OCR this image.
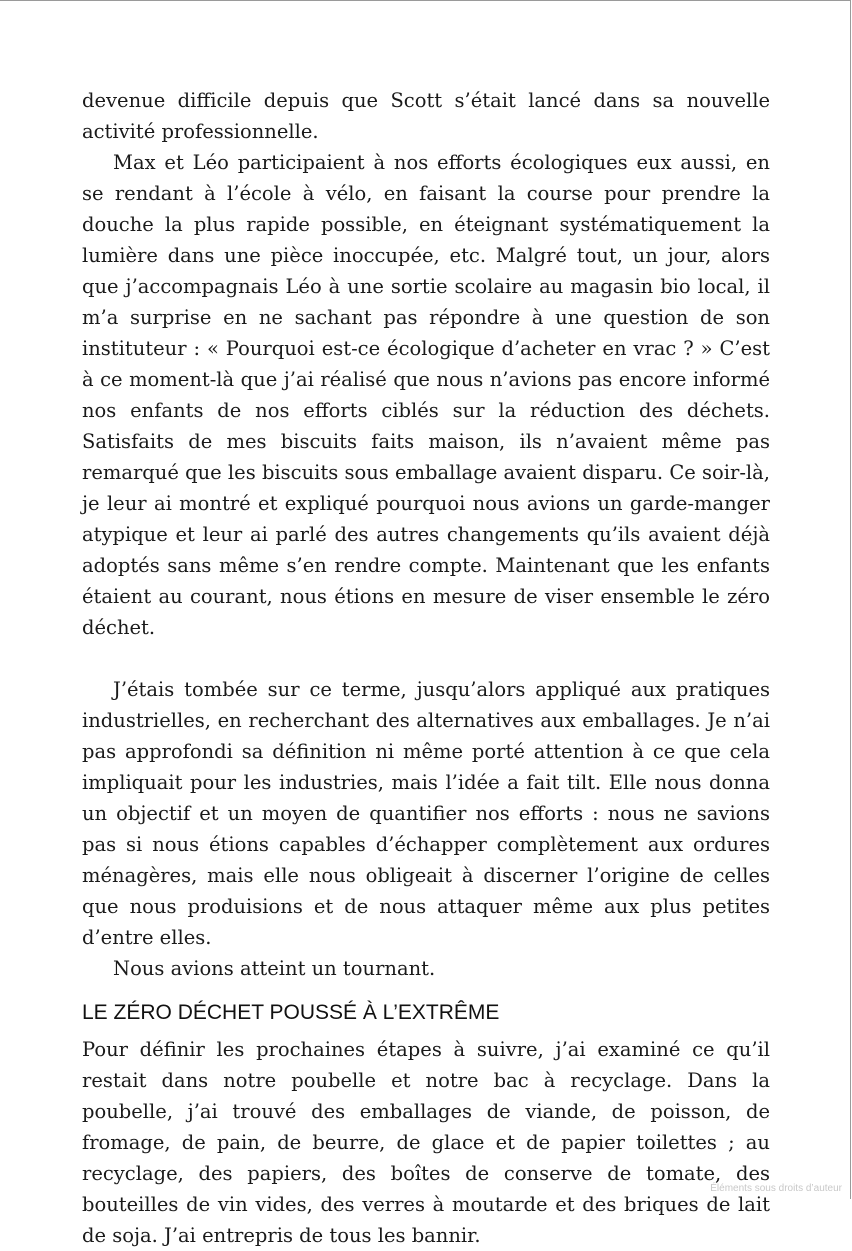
devenue difficile depuis que Scott s’était lancé dans sa nouvelle activité professionnelle.

Max et Léo participaient à nos efforts écologiques eux aussi, en se rendant à l’école à vélo, en faisant la course pour prendre la douche la plus rapide possible, en éteignant systématiquement la lumière dans une pièce inoccupée, etc. Malgré tout, un jour, alors que j’accompagnais Léo à une sortie scolaire au magasin bio local, il m’a surprise en ne sachant pas répondre à une question de son instituteur : « Pourquoi est-ce écologique d’acheter en vrac ? » C’est à ce moment-là que j’ai réalisé que nous n’avions pas encore informé nos enfants de nos efforts ciblés sur la réduction des déchets. Satisfaits de mes biscuits faits maison, ils n’avaient même pas remarqué que les biscuits sous emballage avaient disparu. Ce soir-là, je leur ai montré et expliqué pourquoi nous avions un garde-manger atypique et leur ai parlé des autres changements qu’ils avaient déjà adoptés sans même s’en rendre compte. Maintenant que les enfants étaient au courant, nous étions en mesure de viser ensemble le zéro déchet.

J’étais tombée sur ce terme, jusqu’alors appliqué aux pratiques industrielles, en recherchant des alternatives aux emballages. Je n’ai pas approfondi sa définition ni même porté attention à ce que cela impliquait pour les industries, mais l’idée a fait tilt. Elle nous donna un objectif et un moyen de quantifier nos efforts : nous ne savions pas si nous étions capables d’échapper complètement aux ordures ménagères, mais elle nous obligeait à discerner l’origine de celles que nous produisions et de nous attaquer même aux plus petites d’entre elles.

Nous avions atteint un tournant.

LE ZÉRO DÉCHET POUSSÉ À L’EXTRÊME

Pour définir les prochaines étapes à suivre, j’ai examiné ce qu’il restait dans notre poubelle et notre bac à recyclage. Dans la poubelle, j’ai trouvé des emballages de viande, de poisson, de fromage, de pain, de beurre, de glace et de papier toilettes ; au recyclage, des papiers, des boîtes de conserve de tomate, des bouteilles de vin vides, des verres à moutarde et des briques de lait de soja. J’ai entrepris de tous les bannir.

Éléments sous droits d’auteur
